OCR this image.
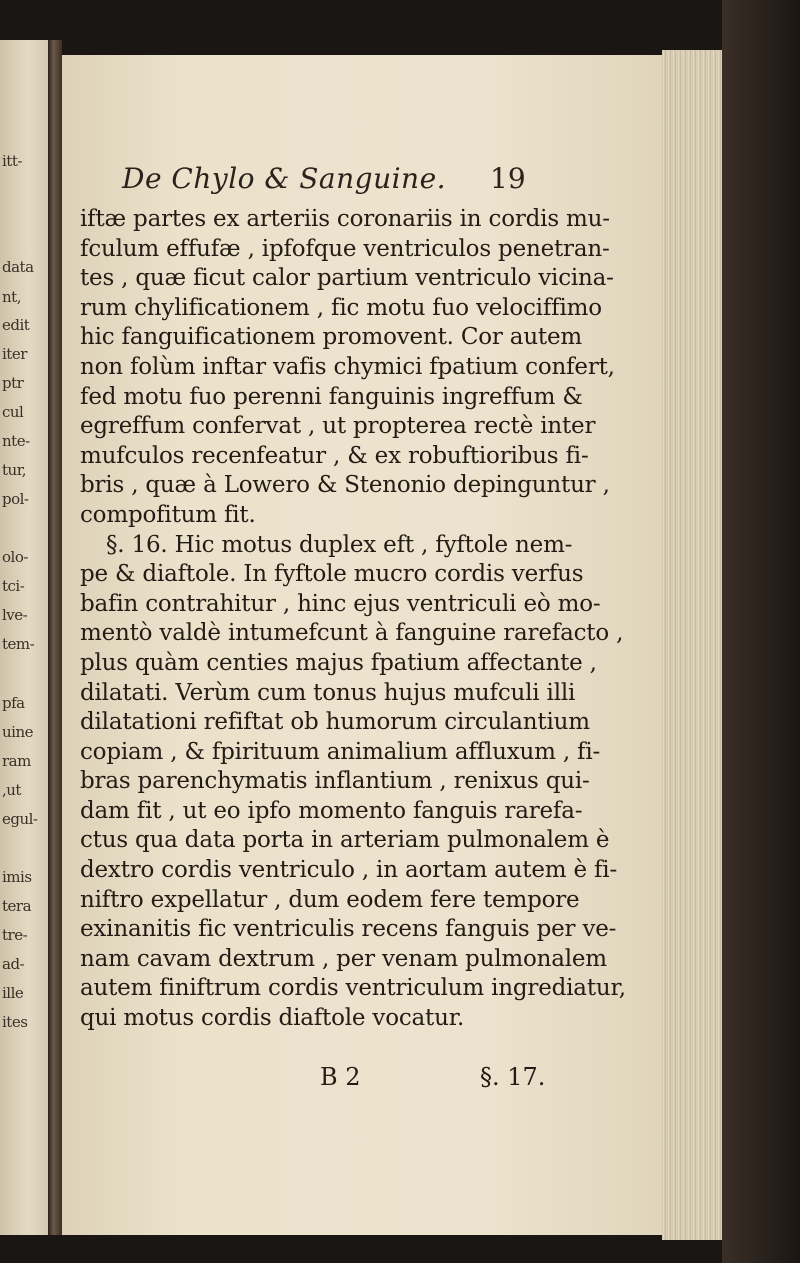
itt-
data
nt,
edit
iter
ptr
cul
nte-
tur,
pol-
olo-
tci-
lve-
tem-
pfa
uine
ram
,ut
egul-
imis
tera
tre-
ad-
ille
ites
De Chylo & Sanguine. 19
iftæ partes ex arteriis coronariis in cordis mu-
fculum effufæ , ipfofque ventriculos penetran-
tes , quæ ficut calor partium ventriculo vicina-
rum chylificationem , fic motu fuo velociffimo
hic fanguificationem promovent. Cor autem
non folùm inftar vafis chymici fpatium confert,
fed motu fuo perenni fanguinis ingreffum &
egreffum confervat , ut propterea rectè inter
mufculos recenfeatur , & ex robuftioribus fi-
bris , quæ à Lowero & Stenonio depinguntur ,
compofitum fit.
§. 16. Hic motus duplex eft , fyftole nem-
pe & diaftole. In fyftole mucro cordis verfus
bafin contrahitur , hinc ejus ventriculi eò mo-
mentò valdè intumefcunt à fanguine rarefacto ,
plus quàm centies majus fpatium affectante ,
dilatati. Verùm cum tonus hujus mufculi illi
dilatationi refiftat ob humorum circulantium
copiam , & fpirituum animalium affluxum , fi-
bras parenchymatis inflantium , renixus qui-
dam fit , ut eo ipfo momento fanguis rarefa-
ctus qua data porta in arteriam pulmonalem è
dextro cordis ventriculo , in aortam autem è fi-
niftro expellatur , dum eodem fere tempore
exinanitis fic ventriculis recens fanguis per ve-
nam cavam dextrum , per venam pulmonalem
autem finiftrum cordis ventriculum ingrediatur,
qui motus cordis diaftole vocatur.
B 2	§. 17.
